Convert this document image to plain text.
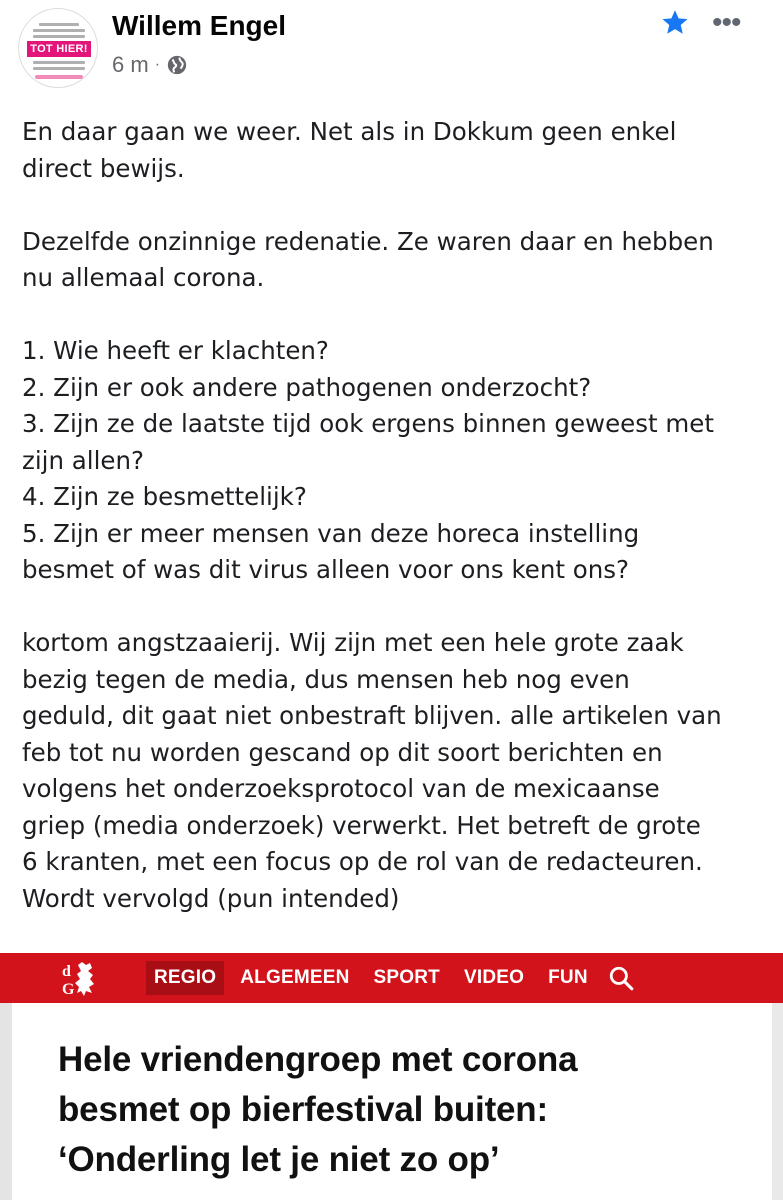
TOT HIER!
Willem Engel
6 m ·
•••

En daar gaan we weer. Net als in Dokkum geen enkel

direct bewijs.

Dezelfde onzinnige redenatie. Ze waren daar en hebben

nu allemaal corona.

1. Wie heeft er klachten?

2. Zijn er ook andere pathogenen onderzocht?

3. Zijn ze de laatste tijd ook ergens binnen geweest met

zijn allen?

4. Zijn ze besmettelijk?

5. Zijn er meer mensen van deze horeca instelling

besmet of was dit virus alleen voor ons kent ons?

kortom angstzaaierij. Wij zijn met een hele grote zaak

bezig tegen de media, dus mensen heb nog even

geduld, dit gaat niet onbestraft blijven. alle artikelen van

feb tot nu worden gescand op dit soort berichten en

volgens het onderzoeksprotocol van de mexicaanse

griep (media onderzoek) verwerkt. Het betreft de grote

6 kranten, met een focus op de rol van de redacteuren.

Wordt vervolgd (pun intended)

d
G
REGIO	ALGEMEEN	SPORT	VIDEO	FUN
Hele vriendengroep met corona
besmet op bierfestival buiten:
‘Onderling let je niet zo op’
